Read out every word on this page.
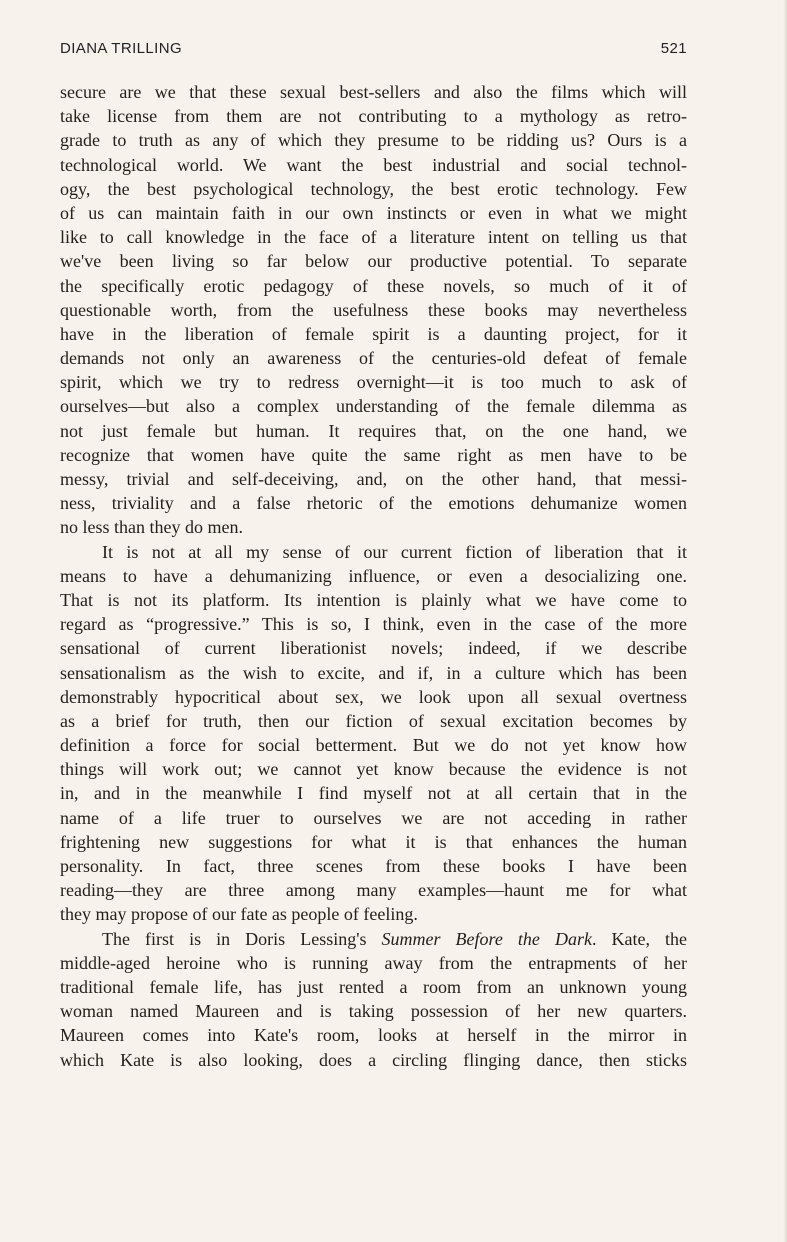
DIANA TRILLING	521
secure are we that these sexual best-sellers and also the films which will
take license from them are not contributing to a mythology as retro-
grade to truth as any of which they presume to be ridding us? Ours is a
technological world. We want the best industrial and social technol-
ogy, the best psychological technology, the best erotic technology. Few
of us can maintain faith in our own instincts or even in what we might
like to call knowledge in the face of a literature intent on telling us that
we've been living so far below our productive potential. To separate
the specifically erotic pedagogy of these novels, so much of it of
questionable worth, from the usefulness these books may nevertheless
have in the liberation of female spirit is a daunting project, for it
demands not only an awareness of the centuries-old defeat of female
spirit, which we try to redress overnight—it is too much to ask of
ourselves—but also a complex understanding of the female dilemma as
not just female but human. It requires that, on the one hand, we
recognize that women have quite the same right as men have to be
messy, trivial and self-deceiving, and, on the other hand, that messi-
ness, triviality and a false rhetoric of the emotions dehumanize women
no less than they do men.
It is not at all my sense of our current fiction of liberation that it
means to have a dehumanizing influence, or even a desocializing one.
That is not its platform. Its intention is plainly what we have come to
regard as “progressive.” This is so, I think, even in the case of the more
sensational of current liberationist novels; indeed, if we describe
sensationalism as the wish to excite, and if, in a culture which has been
demonstrably hypocritical about sex, we look upon all sexual overtness
as a brief for truth, then our fiction of sexual excitation becomes by
definition a force for social betterment. But we do not yet know how
things will work out; we cannot yet know because the evidence is not
in, and in the meanwhile I find myself not at all certain that in the
name of a life truer to ourselves we are not acceding in rather
frightening new suggestions for what it is that enhances the human
personality. In fact, three scenes from these books I have been
reading—they are three among many examples—haunt me for what
they may propose of our fate as people of feeling.
The first is in Doris Lessing's Summer Before the Dark. Kate, the
middle-aged heroine who is running away from the entrapments of her
traditional female life, has just rented a room from an unknown young
woman named Maureen and is taking possession of her new quarters.
Maureen comes into Kate's room, looks at herself in the mirror in
which Kate is also looking, does a circling flinging dance, then sticks
